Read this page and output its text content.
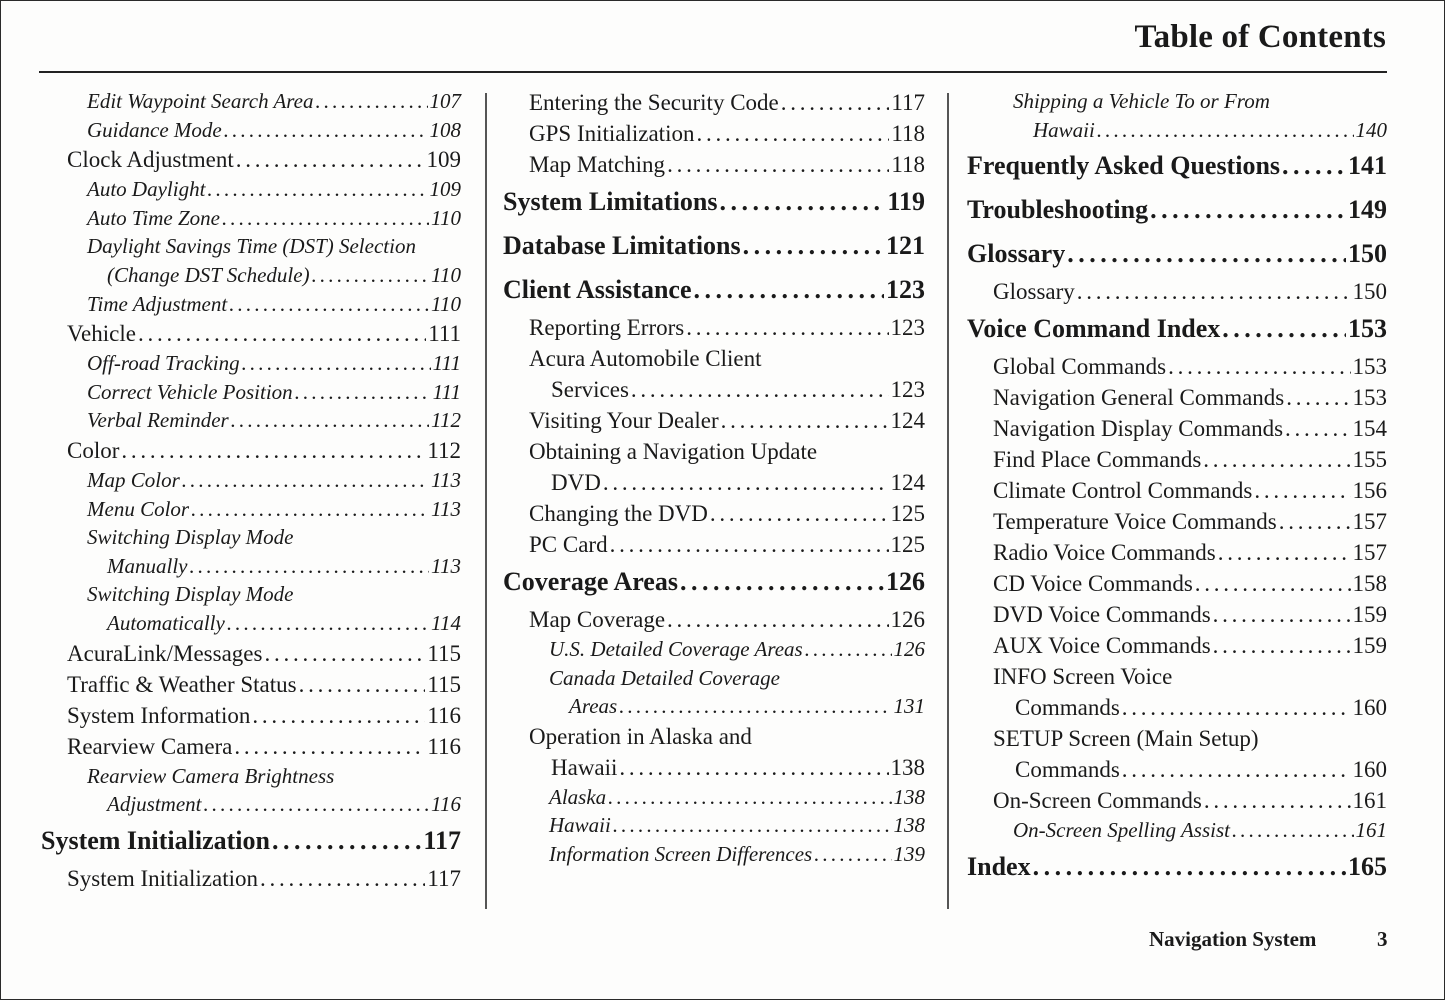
Table of Contents
Edit Waypoint Search Area . . .	107
Guidance Mode . . .	108
Clock Adjustment . . .	109
Auto Daylight . . .	109
Auto Time Zone . . .	110
Daylight Savings Time (DST) Selection
(Change DST Schedule) . . .	110
Time Adjustment . . .	110
Vehicle . . .	111
Off-road Tracking . . .	111
Correct Vehicle Position . . .	111
Verbal Reminder . . .	112
Color . . .	112
Map Color . . .	113
Menu Color . . .	113
Switching Display Mode
Manually . . .	113
Switching Display Mode
Automatically . . .	114
AcuraLink/Messages . . .	115
Traffic & Weather Status . . .	115
System Information . . .	116
Rearview Camera . . .	116
Rearview Camera Brightness
Adjustment . . .	116
System Initialization . . .	117
System Initialization . . .	117
Entering the Security Code . . .	117
GPS Initialization . . .	118
Map Matching . . .	118
System Limitations . . .	119
Database Limitations . . .	121
Client Assistance . . .	123
Reporting Errors . . .	123
Acura Automobile Client
Services . . .	123
Visiting Your Dealer . . .	124
Obtaining a Navigation Update
DVD . . .	124
Changing the DVD . . .	125
PC Card . . .	125
Coverage Areas . . .	126
Map Coverage . . .	126
U.S. Detailed Coverage Areas . . .	126
Canada Detailed Coverage
Areas . . .	131
Operation in Alaska and
Hawaii . . .	138
Alaska . . .	138
Hawaii . . .	138
Information Screen Differences . . .	139
Shipping a Vehicle To or From
Hawaii . . .	140
Frequently Asked Questions . . .	141
Troubleshooting . . .	149
Glossary . . .	150
Glossary . . .	150
Voice Command Index . . .	153
Global Commands . . .	153
Navigation General Commands . . .	153
Navigation Display Commands . . .	154
Find Place Commands . . .	155
Climate Control Commands . . .	156
Temperature Voice Commands . . .	157
Radio Voice Commands . . .	157
CD Voice Commands . . .	158
DVD Voice Commands . . .	159
AUX Voice Commands . . .	159
INFO Screen Voice
Commands . . .	160
SETUP Screen (Main Setup)
Commands . . .	160
On-Screen Commands . . .	161
On-Screen Spelling Assist . . .	161
Index . . .	165
Navigation System	3
